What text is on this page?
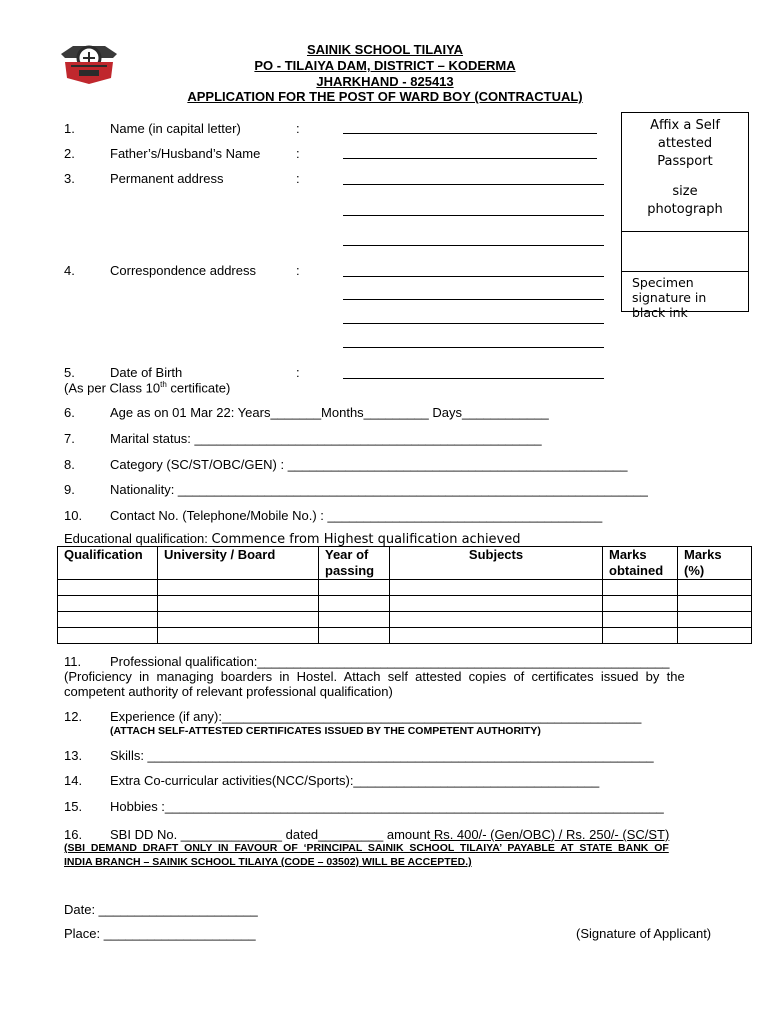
SAINIK SCHOOL TILAIYA
PO - TILAIYA DAM, DISTRICT – KODERMA
JHARKHAND - 825413
APPLICATION FOR THE POST OF WARD BOY (CONTRACTUAL)
Affix a Self
attested
Passport
size
photograph
Specimen
signature in
black ink
1.	Name (in capital letter)	:
2.	Father’s/Husband’s Name	:
3.	Permanent address	:
4.	Correspondence address	:
5.	Date of Birth	:
(As per Class 10th certificate)
6.	Age as on 01 Mar 22: Years_______Months_________ Days____________
7.	Marital status: ________________________________________________
8.	Category (SC/ST/OBC/GEN) : _______________________________________________
9.	Nationality: _________________________________________________________________
10. Contact No. (Telephone/Mobile No.) : ______________________________________
Educational qualification: Commence from Highest qualification achieved
Qualification	University / Board	Year of passing	Subjects	Marks obtained	Marks (%)

11. Professional qualification:_________________________________________________________
(Proficiency  in  managing  boarders  in  Hostel.  Attach  self  attested  copies  of  certificates  issued  by  the
competent authority of relevant professional qualification)
12. Experience (if any):__________________________________________________________
(ATTACH SELF-ATTESTED CERTIFICATES ISSUED BY THE COMPETENT AUTHORITY)
13. Skills: ______________________________________________________________________
14. Extra Co-curricular activities(NCC/Sports):__________________________________
15. Hobbies :_____________________________________________________________________
16. SBI DD No. ______________ dated_________ amount Rs. 400/- (Gen/OBC) / Rs. 250/- (SC/ST)
(SBI  DEMAND  DRAFT  ONLY  IN  FAVOUR  OF  ‘PRINCIPAL  SAINIK  SCHOOL  TILAIYA’  PAYABLE  AT  STATE  BANK  OF
INDIA BRANCH – SAINIK SCHOOL TILAIYA (CODE – 03502) WILL BE ACCEPTED.)
Date: ______________________
Place: _____________________	(Signature of Applicant)
